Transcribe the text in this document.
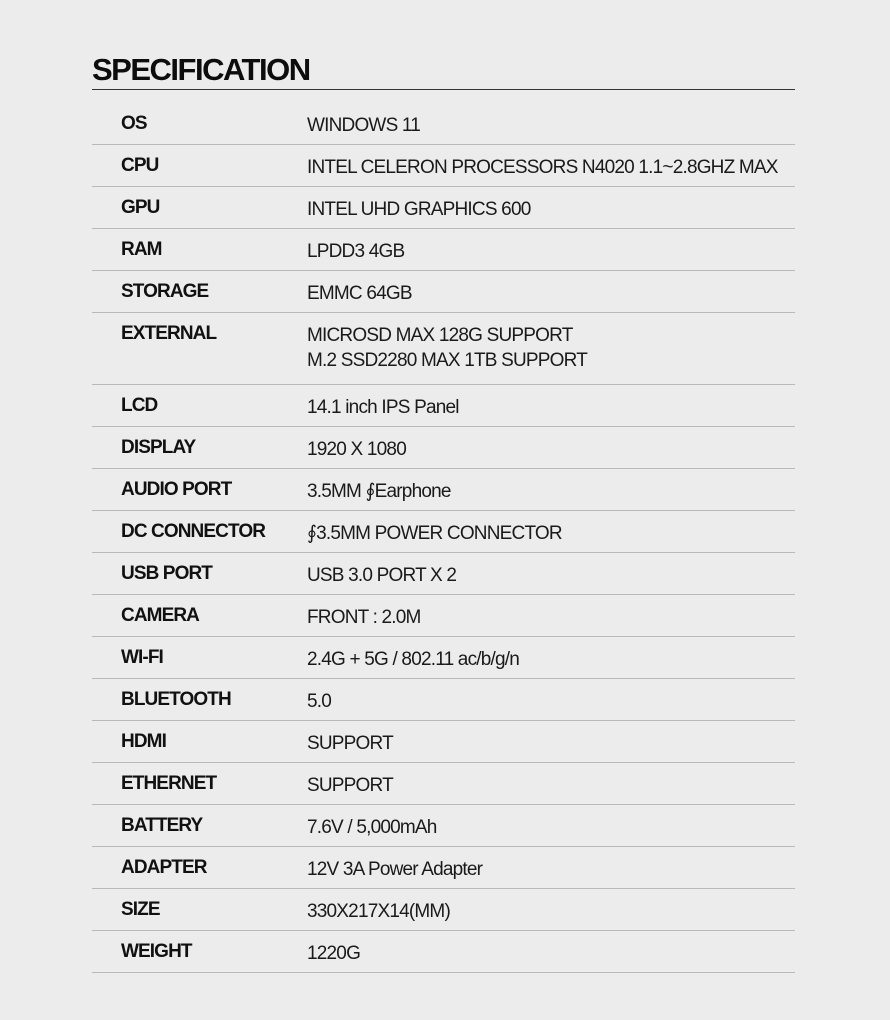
SPECIFICATION
OS	WINDOWS 11
CPU	INTEL CELERON PROCESSORS N4020 1.1~2.8GHZ MAX
GPU	INTEL UHD GRAPHICS 600
RAM	LPDD3 4GB
STORAGE	EMMC 64GB
EXTERNAL	MICROSD MAX 128G SUPPORT
M.2 SSD2280 MAX 1TB SUPPORT
LCD	14.1 inch IPS Panel
DISPLAY	1920 X 1080
AUDIO PORT	3.5MM ∮Earphone
DC CONNECTOR	∮3.5MM POWER CONNECTOR
USB PORT	USB 3.0 PORT X 2
CAMERA	FRONT : 2.0M
WI-FI	2.4G + 5G / 802.11 ac/b/g/n
BLUETOOTH	5.0
HDMI	SUPPORT
ETHERNET	SUPPORT
BATTERY	7.6V / 5,000mAh
ADAPTER	12V 3A Power Adapter
SIZE	330X217X14(MM)
WEIGHT	1220G
